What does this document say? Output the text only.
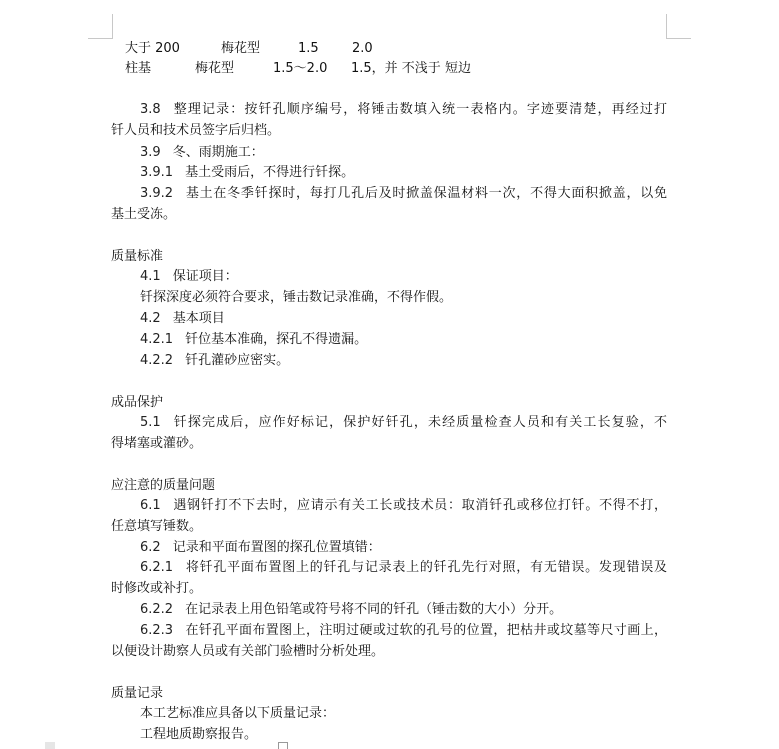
大于 200	梅花型	1.5	2.0
柱基	梅花型	1.5～2.0 1.5，并 不浅于 短边
3.8 整理记录：按钎孔顺序编号，将锤击数填入统一表格内。字迹要清楚，再经过打
钎人员和技术员签字后归档。
3.9 冬、雨期施工：
3.9.1 基土受雨后，不得进行钎探。
3.9.2 基土在冬季钎探时，每打几孔后及时掀盖保温材料一次，不得大面积掀盖，以免
基土受冻。
质量标准
4.1 保证项目：
钎探深度必须符合要求，锤击数记录准确，不得作假。
4.2 基本项目
4.2.1 钎位基本准确，探孔不得遗漏。
4.2.2 钎孔灌砂应密实。
成品保护
5.1 钎探完成后，应作好标记，保护好钎孔，未经质量检查人员和有关工长复验，不
得堵塞或灌砂。
应注意的质量问题
6.1 遇钢钎打不下去时，应请示有关工长或技术员：取消钎孔或移位打钎。不得不打，
任意填写锤数。
6.2 记录和平面布置图的探孔位置填错：
6.2.1 将钎孔平面布置图上的钎孔与记录表上的钎孔先行对照，有无错误。发现错误及
时修改或补打。
6.2.2 在记录表上用色铅笔或符号将不同的钎孔（锤击数的大小）分开。
6.2.3 在钎孔平面布置图上，注明过硬或过软的孔号的位置，把枯井或坟墓等尺寸画上，
以便设计勘察人员或有关部门验槽时分析处理。
质量记录
本工艺标准应具备以下质量记录：
工程地质勘察报告。
